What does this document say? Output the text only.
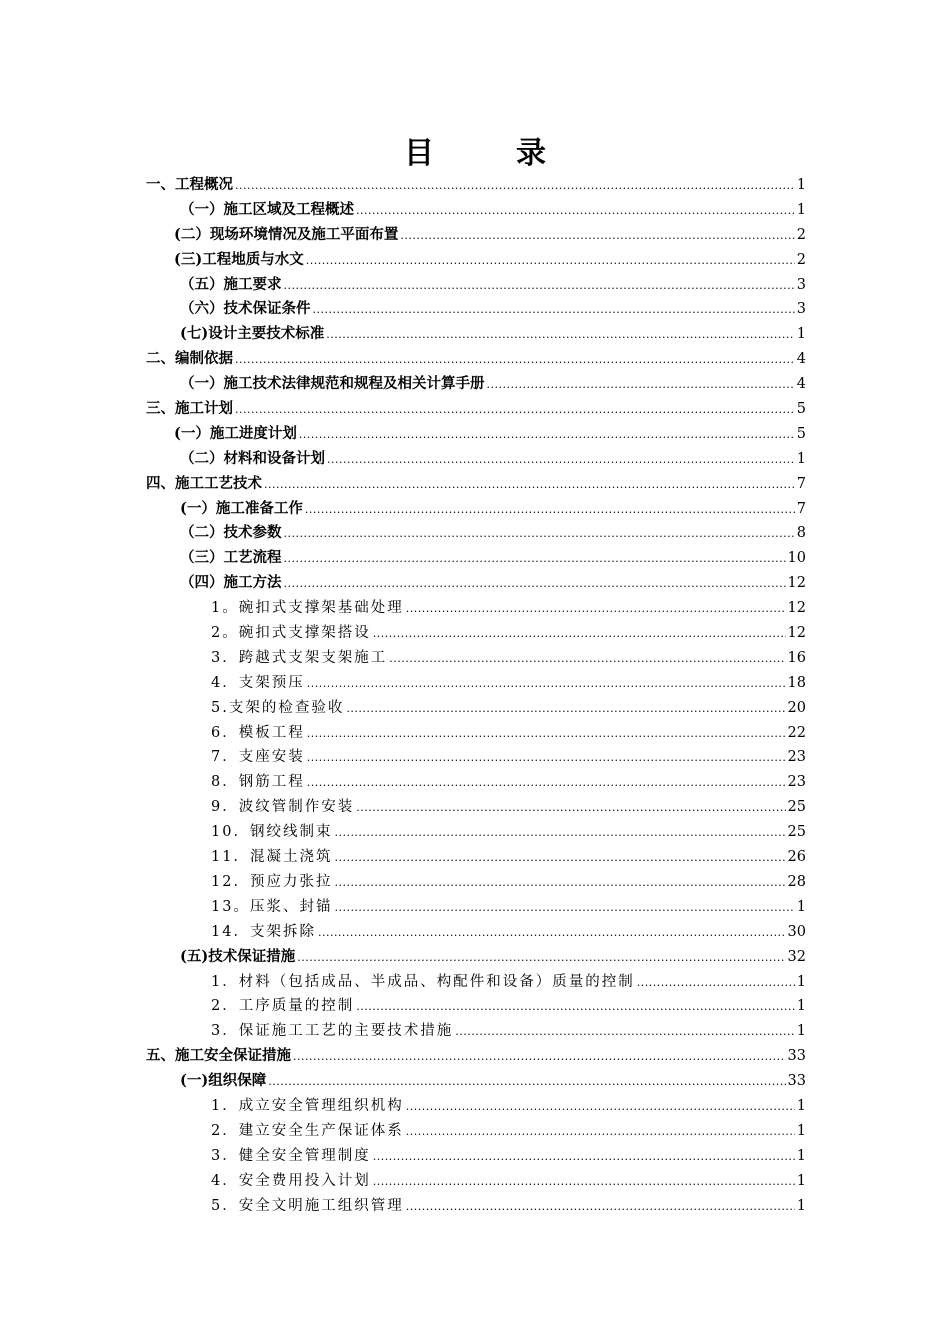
目　录
一、工程概况 .....	1
（一）施工区域及工程概述 .....	1
(二）现场环境情况及施工平面布置 .....	2
(三)工程地质与水文 .....	2
（五）施工要求 .....	3
（六）技术保证条件 .....	3
(七)设计主要技术标准 .....	1
二、编制依据 .....	4
（一）施工技术法律规范和规程及相关计算手册 .....	4
三、施工计划 .....	5
(一）施工进度计划 .....	5
（二）材料和设备计划 .....	1
四、施工工艺技术 .....	7
(一）施工准备工作 .....	7
（二）技术参数 .....	8
（三）工艺流程 .....	10
（四）施工方法 .....	12
1。碗扣式支撑架基础处理 .....	12
2。碗扣式支撑架搭设 .....	12
3．跨越式支架支架施工 .....	16
4．支架预压 .....	18
5.支架的检查验收 .....	20
6．模板工程 .....	22
7．支座安装 .....	23
8．钢筋工程 .....	23
9．波纹管制作安装 .....	25
10．钢绞线制束 .....	25
11．混凝土浇筑 .....	26
12．预应力张拉 .....	28
13。压浆、封锚 .....	1
14．支架拆除 .....	30
(五)技术保证措施 .....	32
1．材料（包括成品、半成品、构配件和设备）质量的控制 .....	1
2．工序质量的控制 .....	1
3．保证施工工艺的主要技术措施 .....	1
五、施工安全保证措施 .....	33
(一)组织保障 .....	33
1．成立安全管理组织机构 .....	1
2．建立安全生产保证体系 .....	1
3．健全安全管理制度 .....	1
4．安全费用投入计划 .....	1
5．安全文明施工组织管理 .....	1
